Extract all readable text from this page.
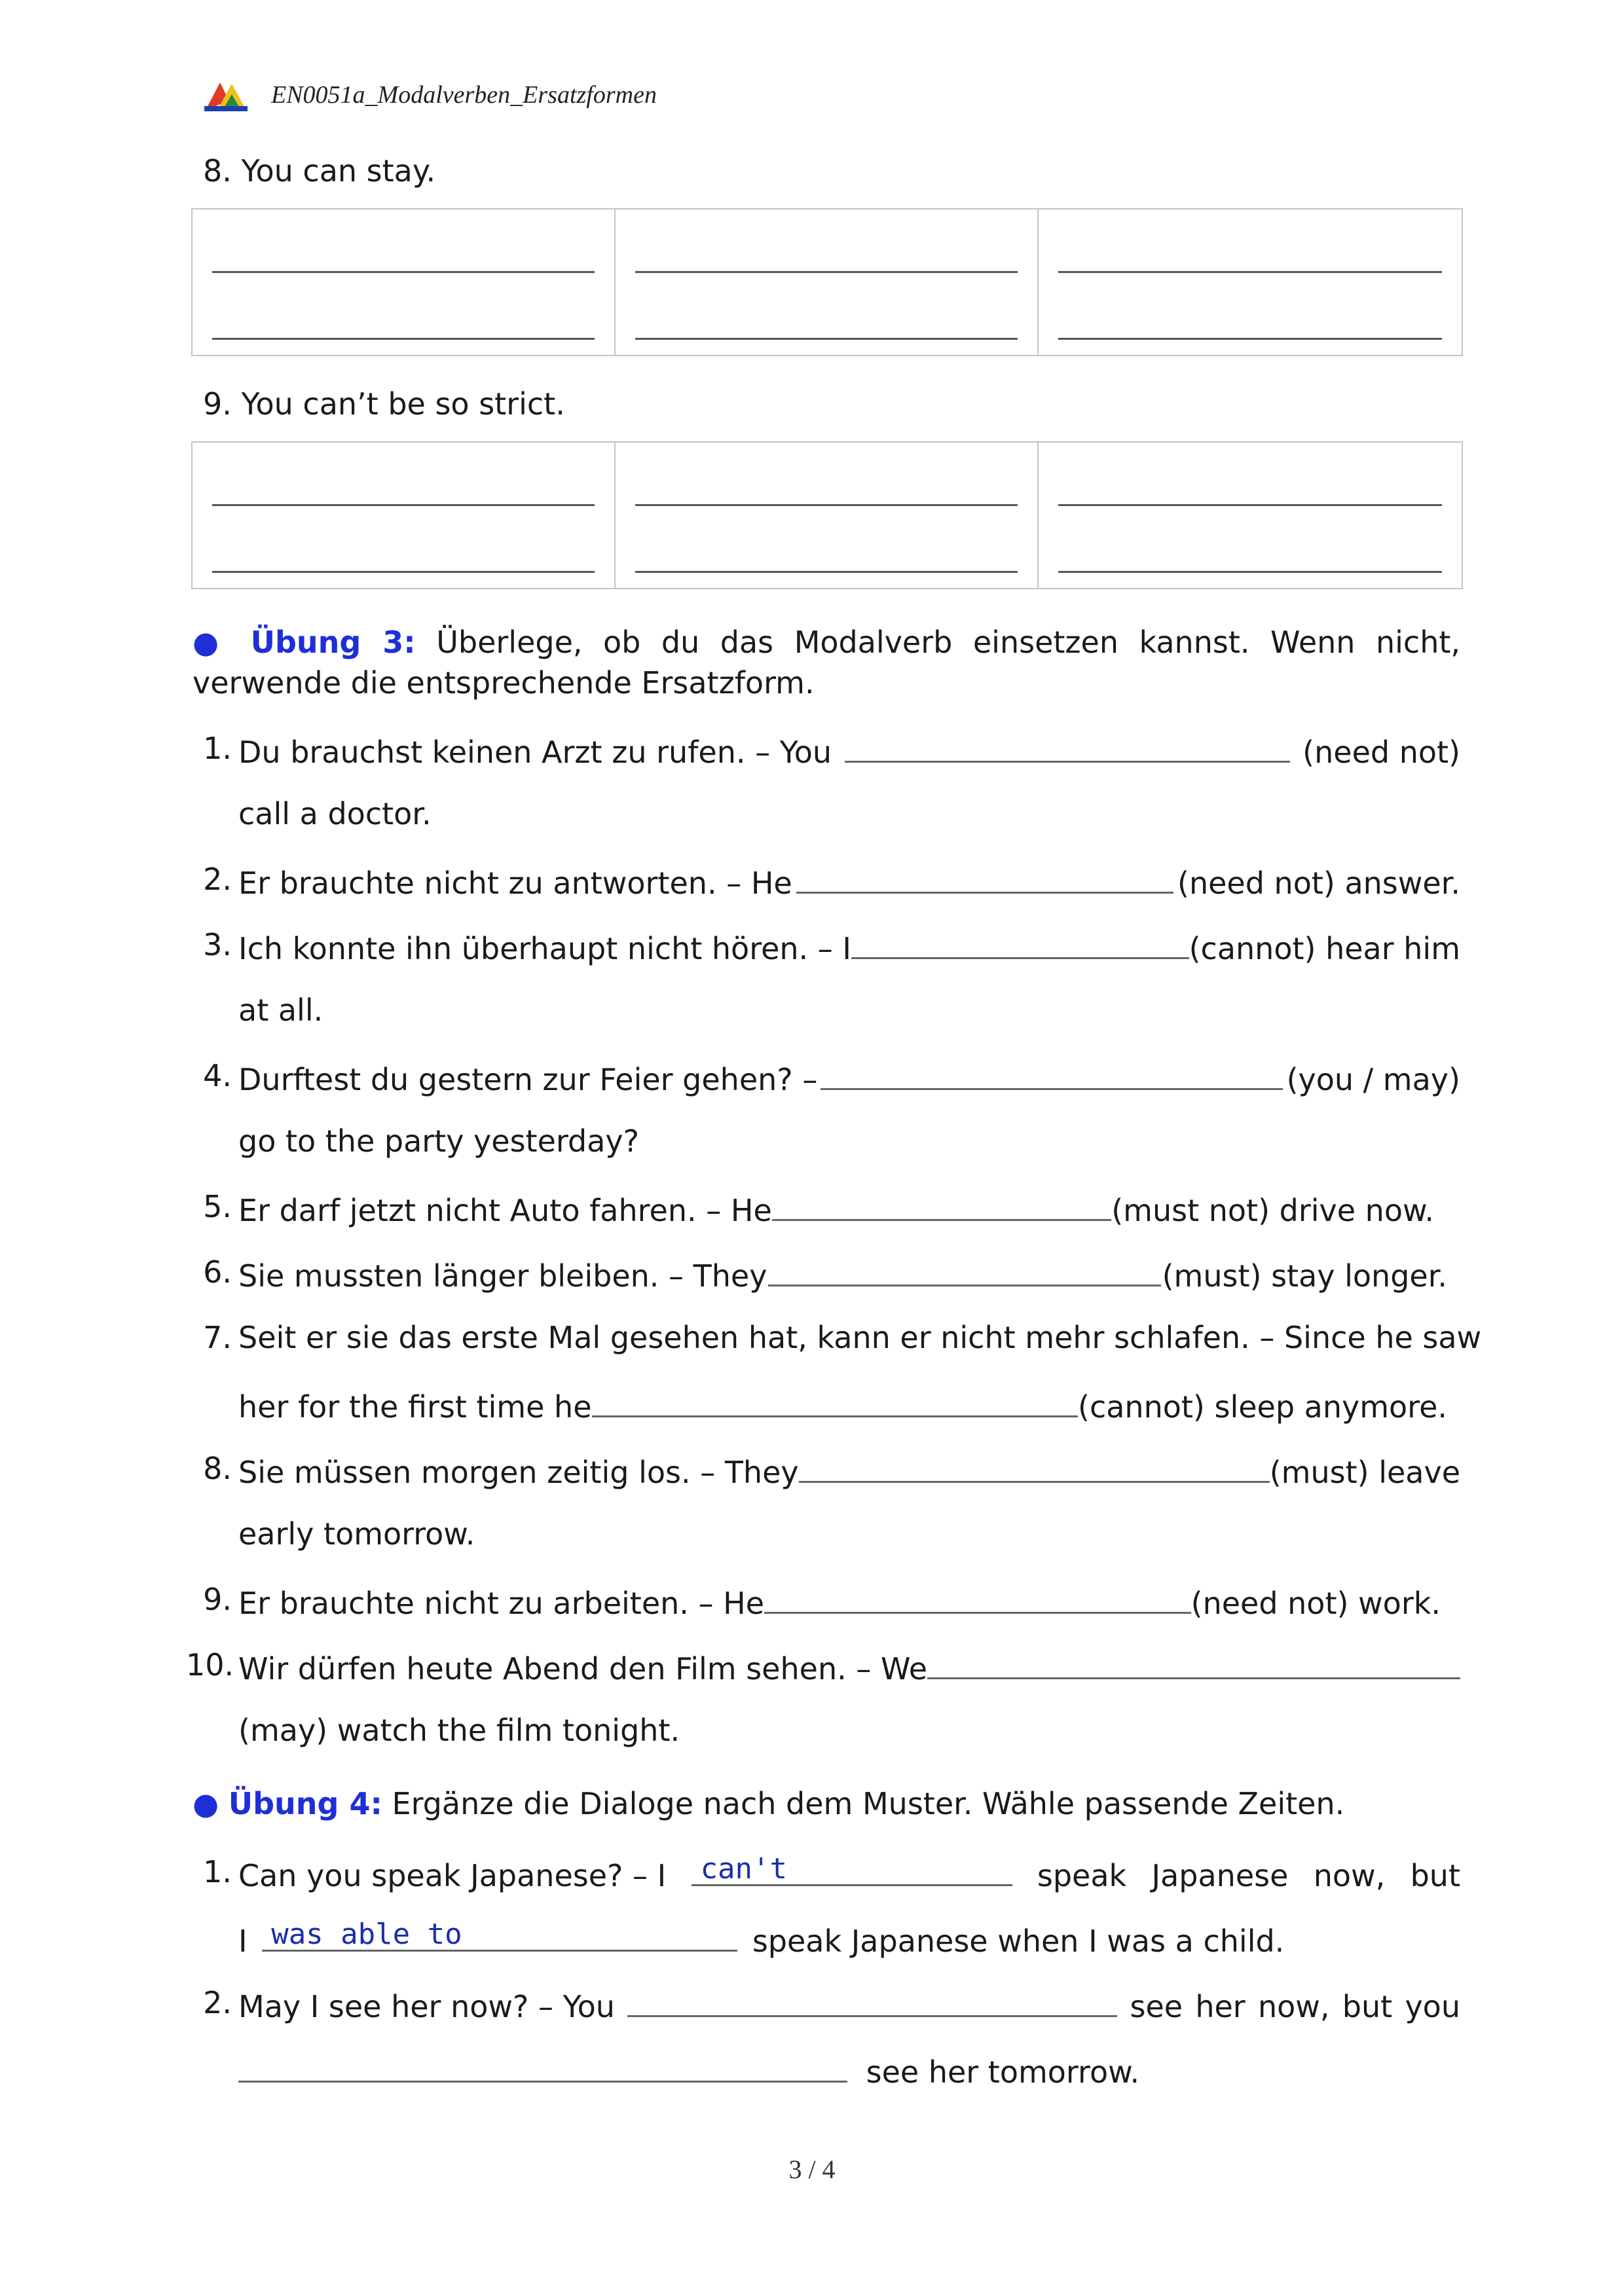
EN0051a_Modalverben_Ersatzformen
8. You can stay.
9. You can’t be so strict.
● Übung 3: Überlege, ob du das Modalverb einsetzen kannst. Wenn nicht, verwende die entsprechende Ersatzform.
1. Du brauchst keinen Arzt zu rufen. – You	(need not)
call a doctor.
2. Er brauchte nicht zu antworten. – He	(need not) answer.
3. Ich konnte ihn überhaupt nicht hören. – I	(cannot) hear him
at all.
4. Durftest du gestern zur Feier gehen? –	(you / may)
go to the party yesterday?
5. Er darf jetzt nicht Auto fahren. – He	(must not) drive now.
6. Sie mussten länger bleiben. – They	(must) stay longer.
7. Seit er sie das erste Mal gesehen hat, kann er nicht mehr schlafen. – Since he saw
her for the first time he	(cannot) sleep anymore.
8. Sie müssen morgen zeitig los. – They	(must) leave
early tomorrow.
9. Er brauchte nicht zu arbeiten. – He	(need not) work.
10. Wir dürfen heute Abend den Film sehen. – We
(may) watch the film tonight.
● Übung 4: Ergänze die Dialoge nach dem Muster. Wähle passende Zeiten.
1. Can you speak Japanese? – I can't	speak Japanese now, but
I was able to	speak Japanese when I was a child.
2. May I see her now? – You	see her now, but you
see her tomorrow.
3 / 4
